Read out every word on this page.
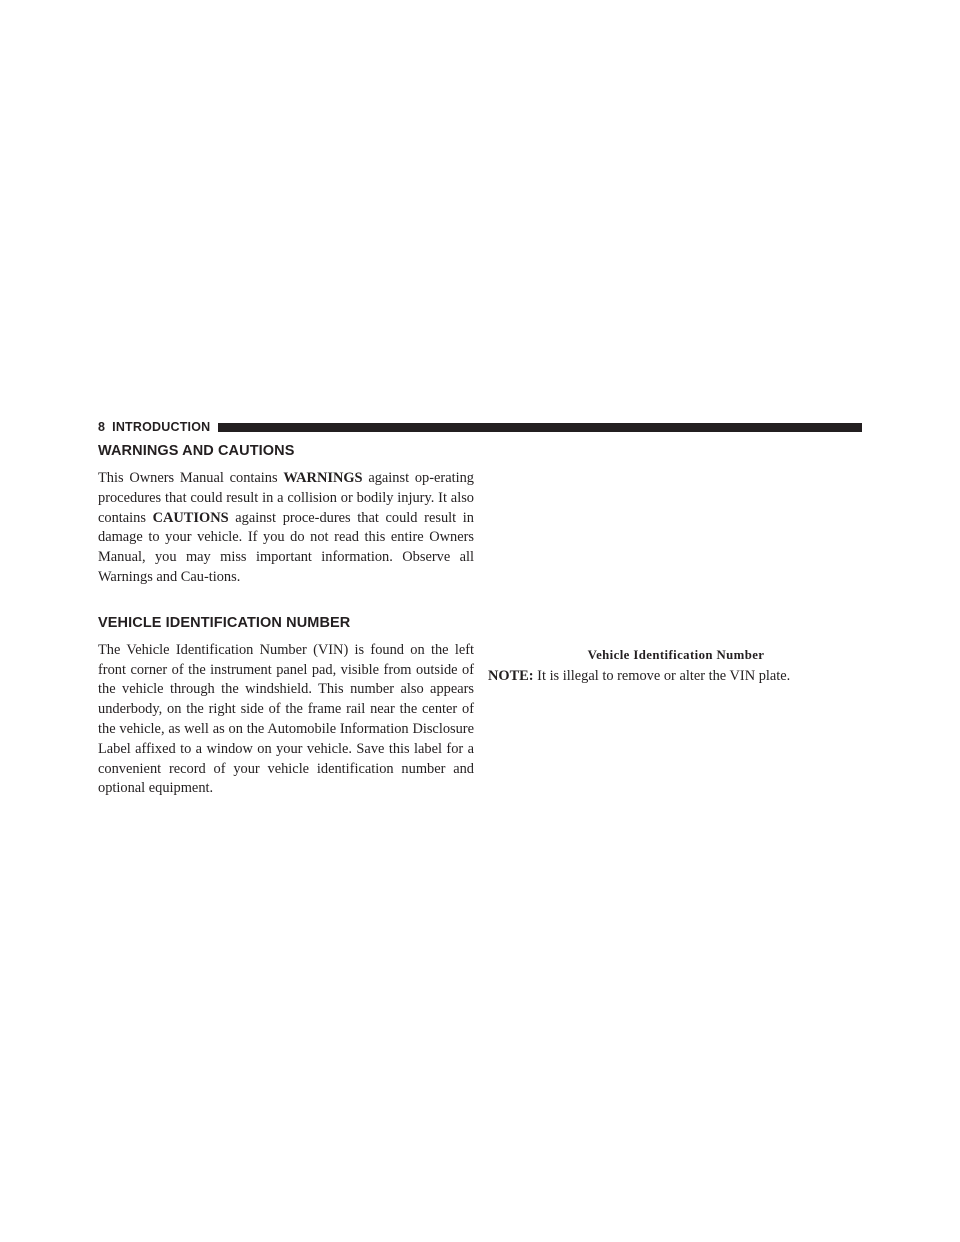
8 INTRODUCTION
WARNINGS AND CAUTIONS

This Owners Manual contains WARNINGS against op-erating procedures that could result in a collision or bodily injury. It also contains CAUTIONS against proce-dures that could result in damage to your vehicle. If you do not read this entire Owners Manual, you may miss important information. Observe all Warnings and Cau-tions.

VEHICLE IDENTIFICATION NUMBER

The Vehicle Identification Number (VIN) is found on the left front corner of the instrument panel pad, visible from outside of the vehicle through the windshield. This number also appears underbody, on the right side of the frame rail near the center of the vehicle, as well as on the Automobile Information Disclosure Label affixed to a window on your vehicle. Save this label for a convenient record of your vehicle identification number and optional equipment.

Vehicle Identification Number
NOTE: It is illegal to remove or alter the VIN plate.
